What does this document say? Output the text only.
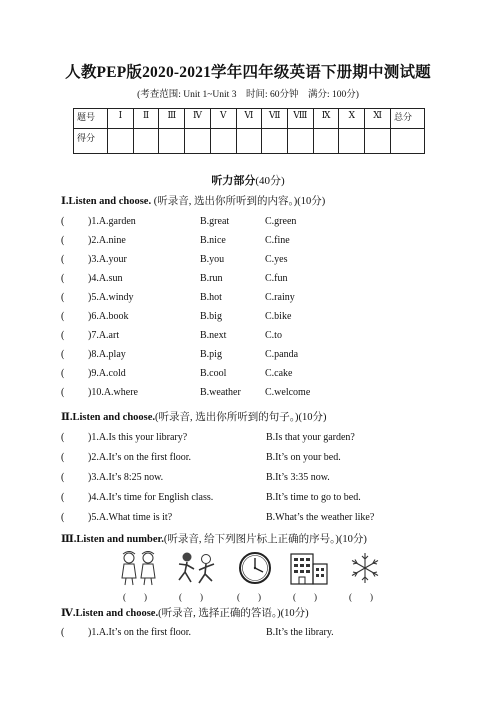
人教PEP版2020-2021学年四年级英语下册期中测试题
(考查范围: Unit 1~Unit 3　时间: 60分钟　满分: 100分)
题号	Ⅰ	Ⅱ	Ⅲ	Ⅳ	Ⅴ	Ⅵ	Ⅶ	Ⅷ	Ⅸ	Ⅹ	Ⅺ	总分
得分												
听力部分(40分)
Ⅰ.Listen and choose. (听录音, 选出你所听到的内容。)(10分)
( )1.A.garden	B.great	C.green
( )2.A.nine	B.nice	C.fine
( )3.A.your	B.you	C.yes
( )4.A.sun	B.run	C.fun
( )5.A.windy	B.hot	C.rainy
( )6.A.book	B.big	C.bike
( )7.A.art	B.next	C.to
( )8.A.play	B.pig	C.panda
( )9.A.cold	B.cool	C.cake
( )10.A.where	B.weather C.welcome
Ⅱ.Listen and choose.(听录音, 选出你所听到的句子。)(10分)
( )1.A.Is this your library?	B.Is that your garden?
( )2.A.It’s on the first floor.	B.It’s on your bed.
( )3.A.It’s 8:25 now.	B.It’s 3:35 now.
( )4.A.It’s time for English class.	B.It’s time to go to bed.
( )5.A.What time is it?	B.What’s the weather like?
Ⅲ.Listen and number.(听录音, 给下列图片标上正确的序号。)(10分)
(　　)	(　　)	(　　)	(　　)	(　　)
Ⅳ.Listen and choose.(听录音, 选择正确的答语。)(10分)
( )1.A.It’s on the first floor.	B.It’s the library.
